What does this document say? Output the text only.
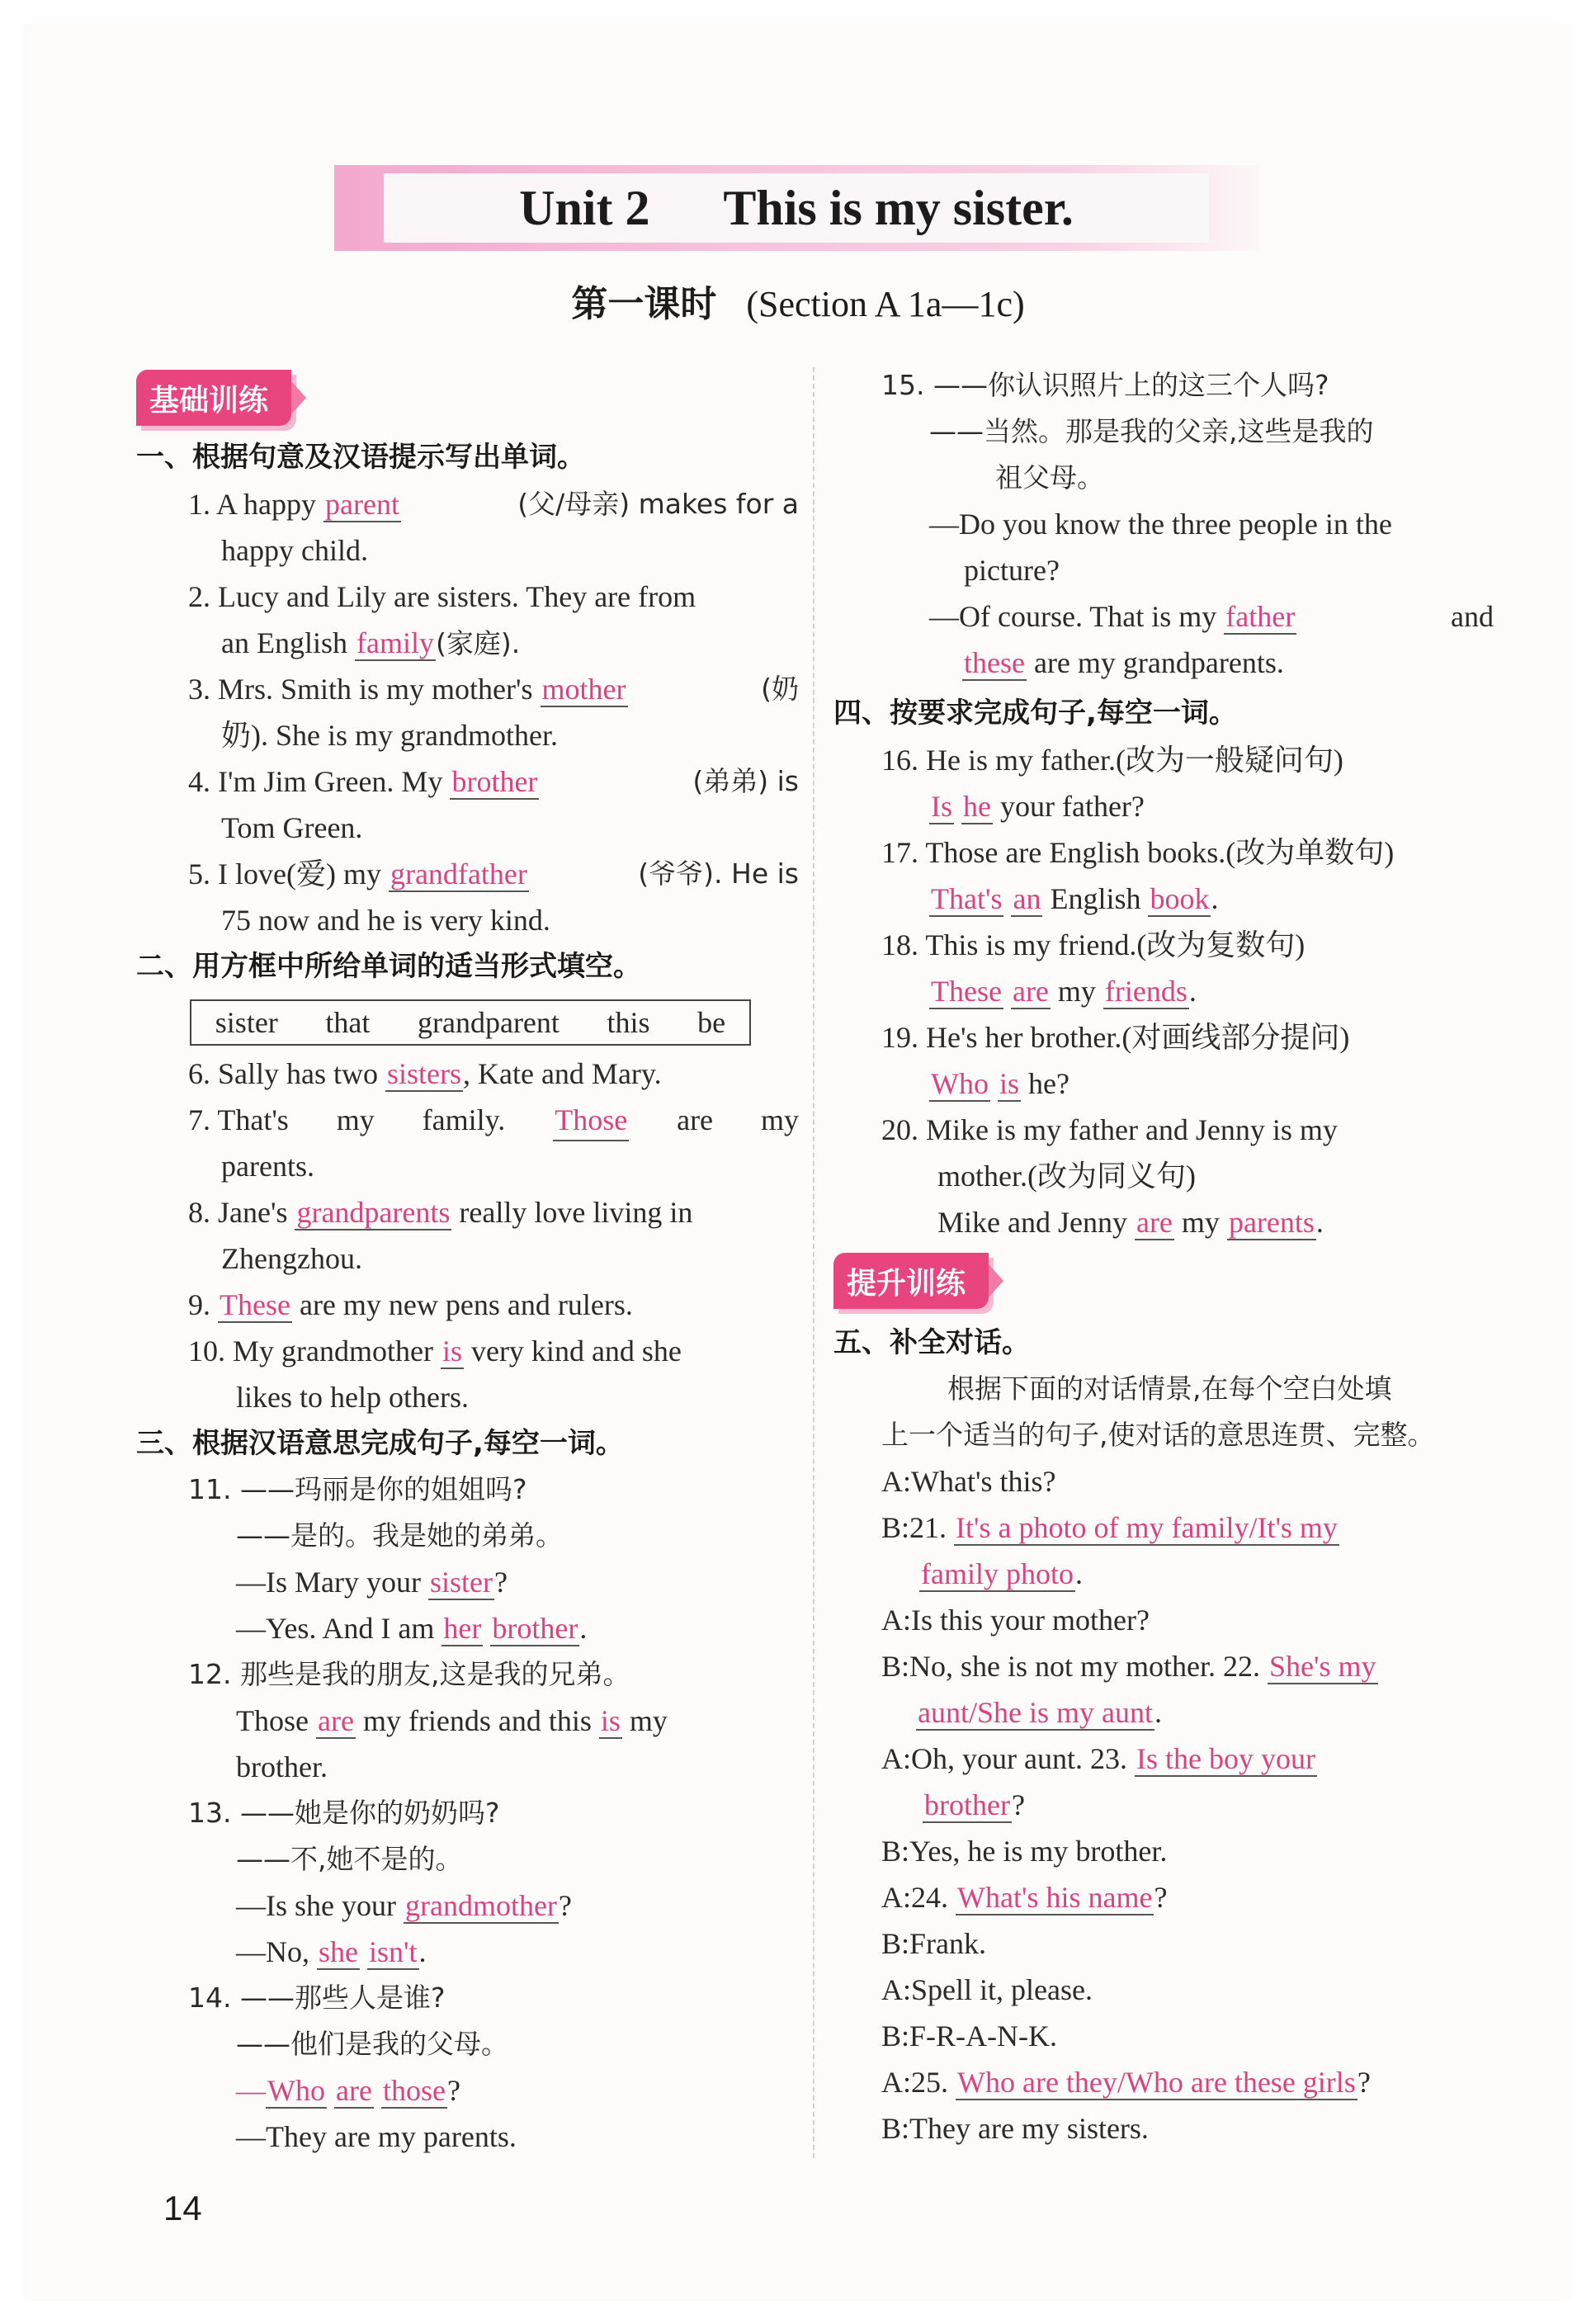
Unit 2      This is my sister.
第一课时 (Section A 1a—1c)
基础训练
一、根据句意及汉语提示写出单词。
1. A happy parent	(父/母亲) makes for a
happy child.
2. Lucy and Lily are sisters. They are from
an English family(家庭).
3. Mrs. Smith is my mother's mother	(奶
奶). She is my grandmother.
4. I'm Jim Green. My brother	(弟弟) is
Tom Green.
5. I love(爱) my grandfather	(爷爷). He is
75 now and he is very kind.
二、用方框中所给单词的适当形式填空。
sister that grandparent this be
6. Sally has two sisters, Kate and Mary.
7. That's my family. Those are my
parents.
8. Jane's grandparents really love living in
Zhengzhou.
9. These are my new pens and rulers.
10. My grandmother is very kind and she
likes to help others.
三、根据汉语意思完成句子,每空一词。
11. ——玛丽是你的姐姐吗?
——是的。我是她的弟弟。
—Is Mary your sister?
—Yes. And I am her brother.
12. 那些是我的朋友,这是我的兄弟。
Those are my friends and this is my
brother.
13. ——她是你的奶奶吗?
——不,她不是的。
—Is she your grandmother?
—No, she isn't.
14. ——那些人是谁?
——他们是我的父母。
—Who are those?
—They are my parents.
14
15. ——你认识照片上的这三个人吗?
——当然。那是我的父亲,这些是我的
祖父母。
—Do you know the three people in the
picture?
—Of course. That is my father	and
these are my grandparents.
四、按要求完成句子,每空一词。
16. He is my father.(改为一般疑问句)
Is he your father?
17. Those are English books.(改为单数句)
That's an English book.
18. This is my friend.(改为复数句)
These are my friends.
19. He's her brother.(对画线部分提问)
Who is he?
20. Mike is my father and Jenny is my
mother.(改为同义句)
Mike and Jenny are my parents.
提升训练
五、补全对话。
根据下面的对话情景,在每个空白处填
上一个适当的句子,使对话的意思连贯、完整。
A:What's this?
B:21. It's a photo of my family/It's my
family photo.
A:Is this your mother?
B:No, she is not my mother. 22. She's my
aunt/She is my aunt.
A:Oh, your aunt. 23. Is the boy your
brother?
B:Yes, he is my brother.
A:24. What's his name?
B:Frank.
A:Spell it, please.
B:F-R-A-N-K.
A:25. Who are they/Who are these girls?
B:They are my sisters.
